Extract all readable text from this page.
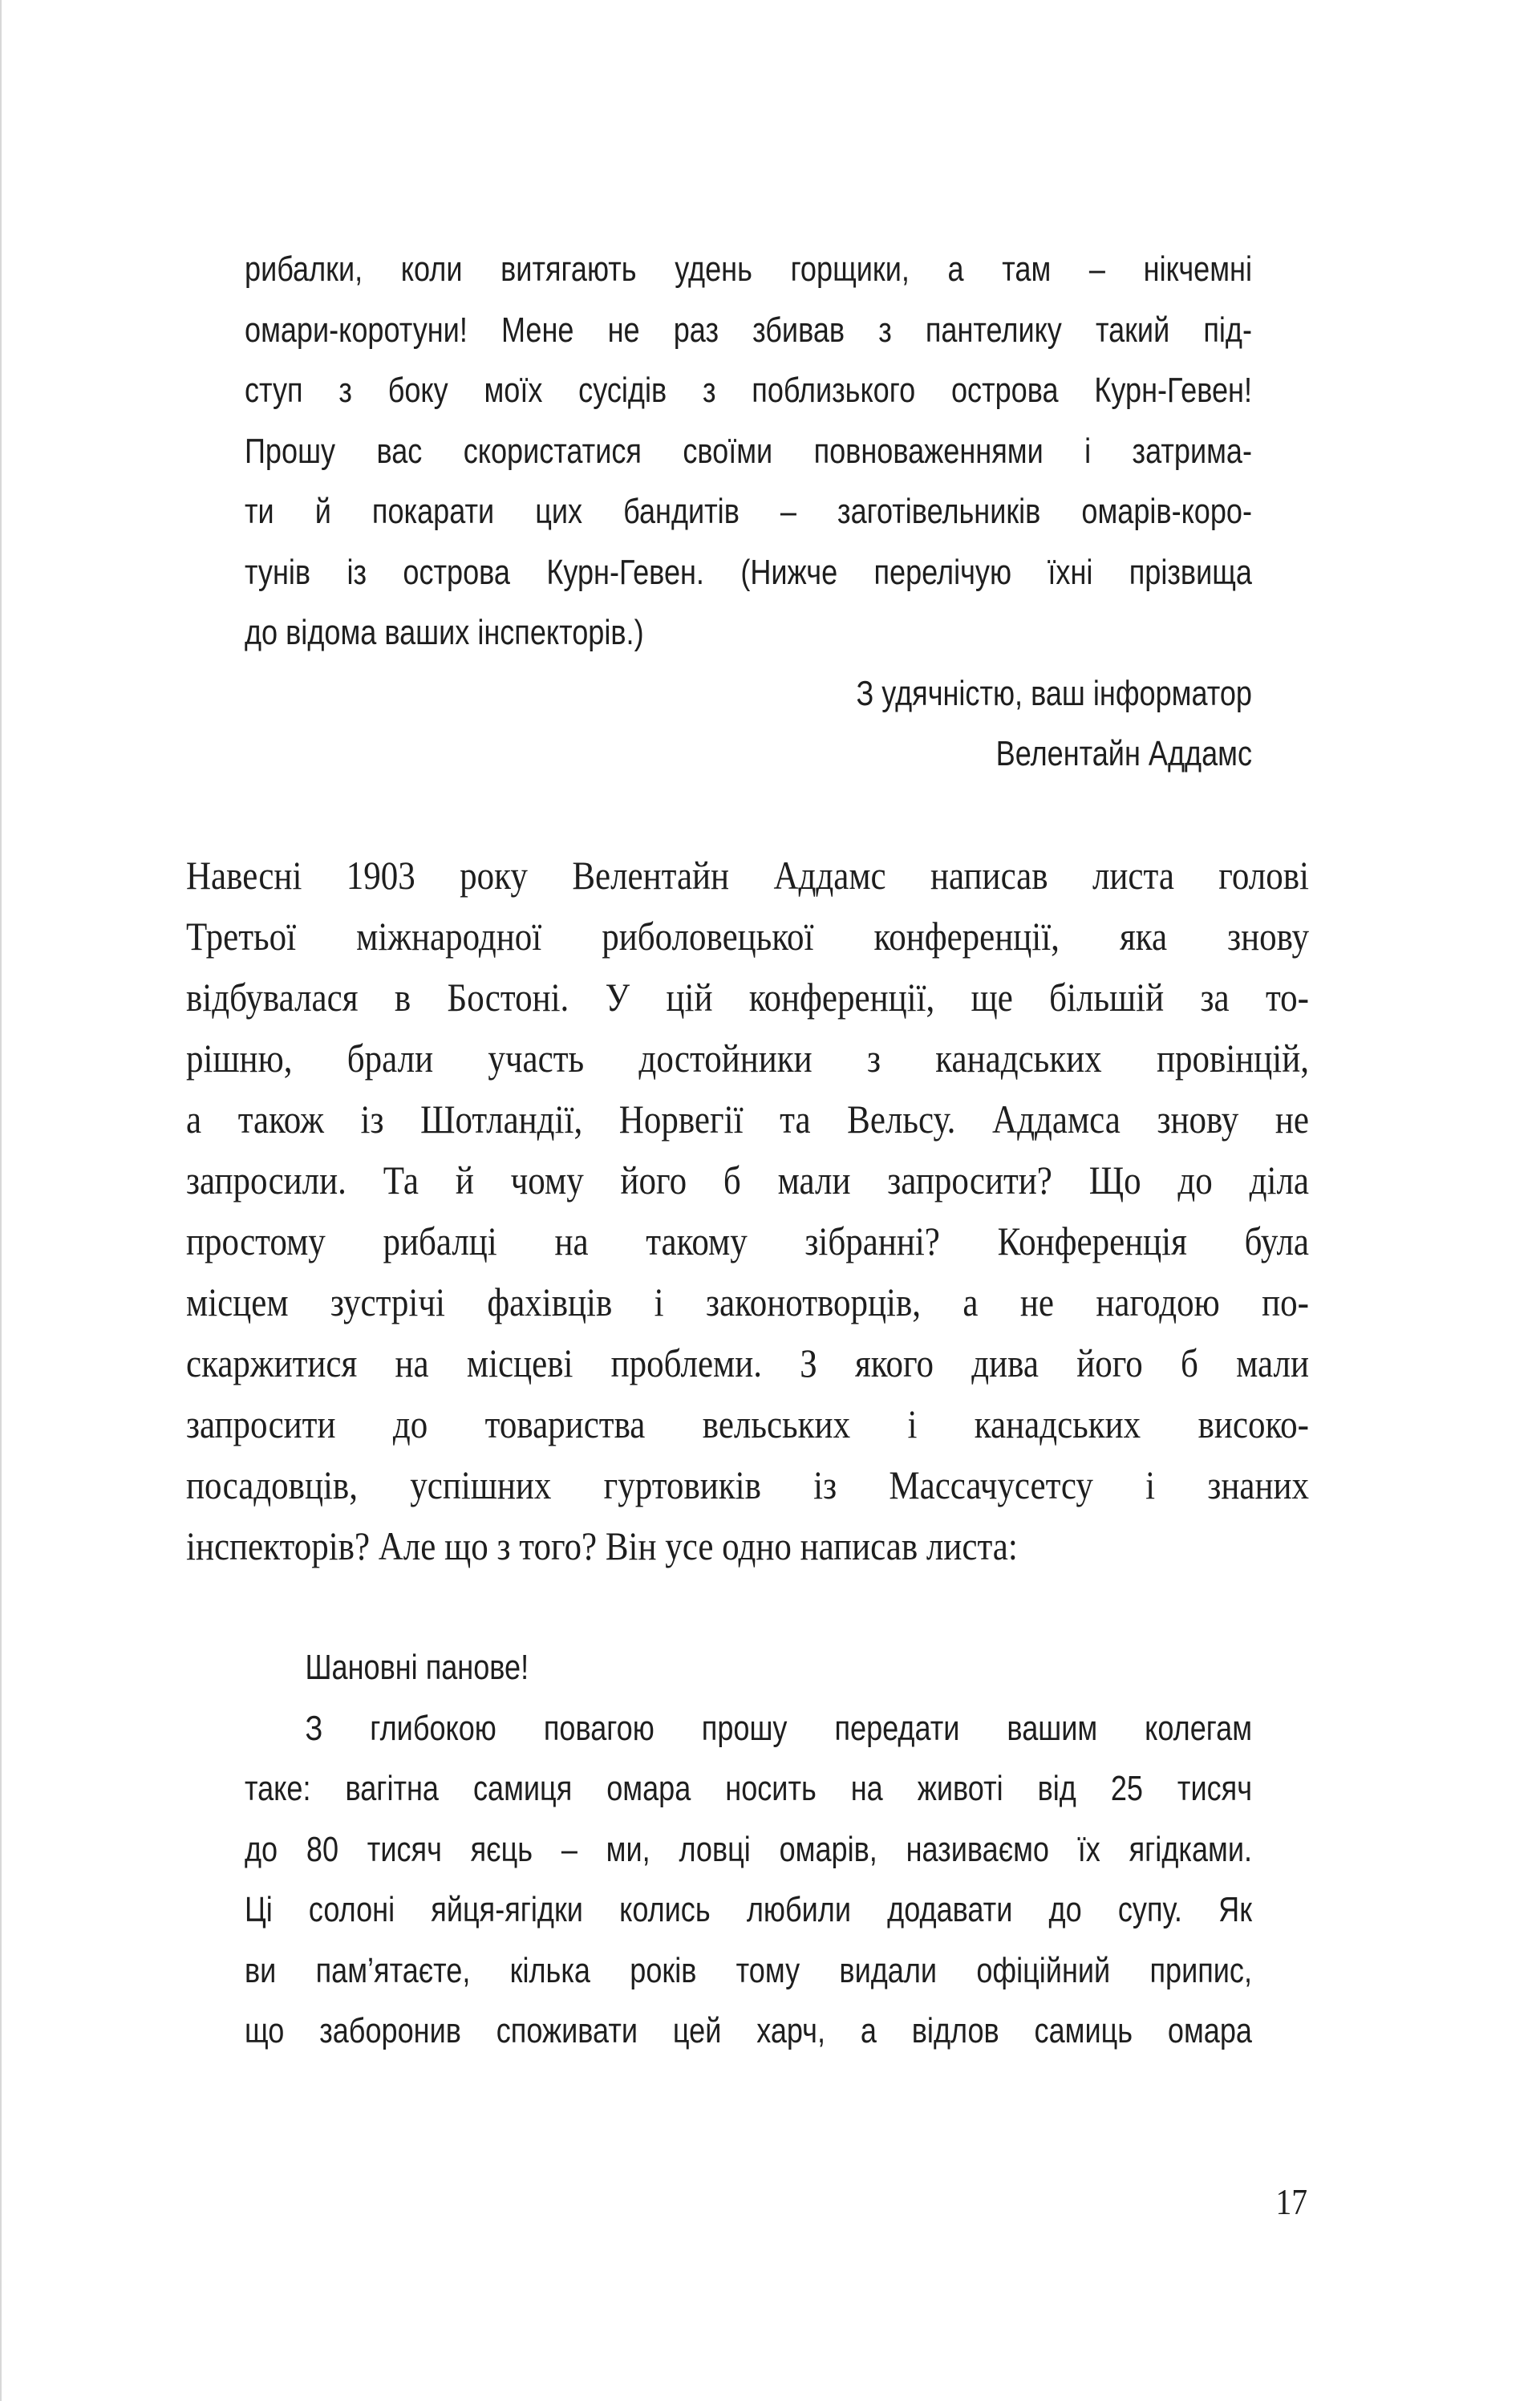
рибалки, коли витягають удень горщики, а там – нікчемні
омари-коротуни! Мене не раз збивав з пантелику такий під-
ступ з боку моїх сусідів з поблизького острова Курн-Гевен!
Прошу вас скористатися своїми повноваженнями і затрима-
ти й покарати цих бандитів – заготівельників омарів-коро-
тунів із острова Курн-Гевен. (Нижче перелічую їхні прізвища
до відома ваших інспекторів.)
З удячністю, ваш інформатор
Велентайн Аддамс
Навесні 1903 року Велентайн Аддамс написав листа голові
Третьої міжнародної риболовецької конференції, яка знову
відбувалася в Бостоні. У цій конференції, ще більшій за то-
рішню, брали участь достойники з канадських провінцій,
а також із Шотландії, Норвегії та Вельсу. Аддамса знову не
запросили. Та й чому його б мали запросити? Що до діла
простому рибалці на такому зібранні? Конференція була
місцем зустрічі фахівців і законотворців, а не нагодою по-
скаржитися на місцеві проблеми. З якого дива його б мали
запросити до товариства вельських і канадських високо-
посадовців, успішних гуртовиків із Массачусетсу і знаних
інспекторів? Але що з того? Він усе одно написав листа:
Шановні панове!
З глибокою повагою прошу передати вашим колегам
таке: вагітна самиця омара носить на животі від 25 тисяч
до 80 тисяч яєць – ми, ловці омарів, називаємо їх ягідками.
Ці солоні яйця-ягідки колись любили додавати до супу. Як
ви пам’ятаєте, кілька років тому видали офіційний припис,
що заборонив споживати цей харч, а відлов самиць омара
17
